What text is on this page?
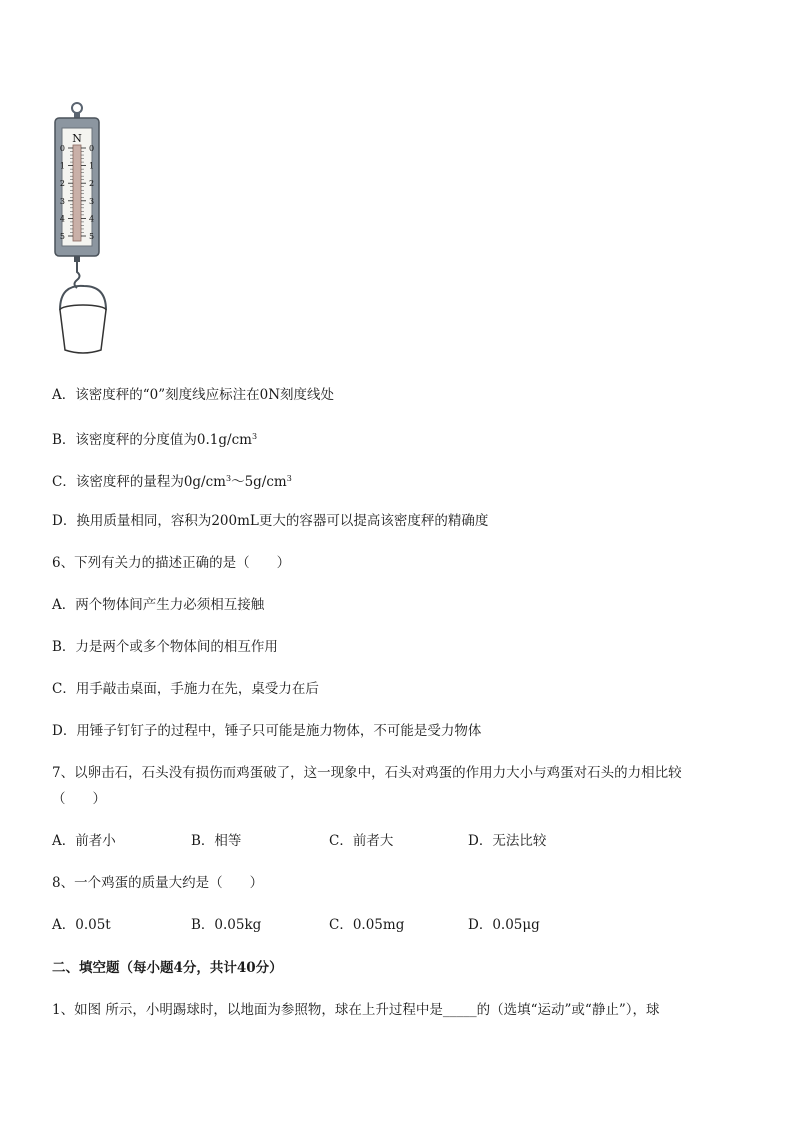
N
0	0
1	1
2	2
3	3
4	4
5	5
A．该密度秤的“0”刻度线应标注在0N刻度线处
B．该密度秤的分度值为$0.1g/cm^3$
C．该密度秤的量程为$0g/cm^3\sim 5g/cm^3$
D．换用质量相同，容积为200mL更大的容器可以提高该密度秤的精确度
6、下列有关力的描述正确的是（　　）
A．两个物体间产生力必须相互接触
B．力是两个或多个物体间的相互作用
C．用手敲击桌面，手施力在先，桌受力在后
D．用锤子钉钉子的过程中，锤子只可能是施力物体，不可能是受力物体
7、以卵击石，石头没有损伤而鸡蛋破了，这一现象中，石头对鸡蛋的作用力大小与鸡蛋对石头的力相比较
（　　）
A．前者小	B．相等	C．前者大	D．无法比较
8、一个鸡蛋的质量大约是（　　）
A．0.05t	B．0.05kg	C．0.05mg	D．0.05μg
二、填空题（每小题4分，共计40分）
1、如图 所示，小明踢球时，以地面为参照物，球在上升过程中是_____的（选填“运动”或“静止”），球
